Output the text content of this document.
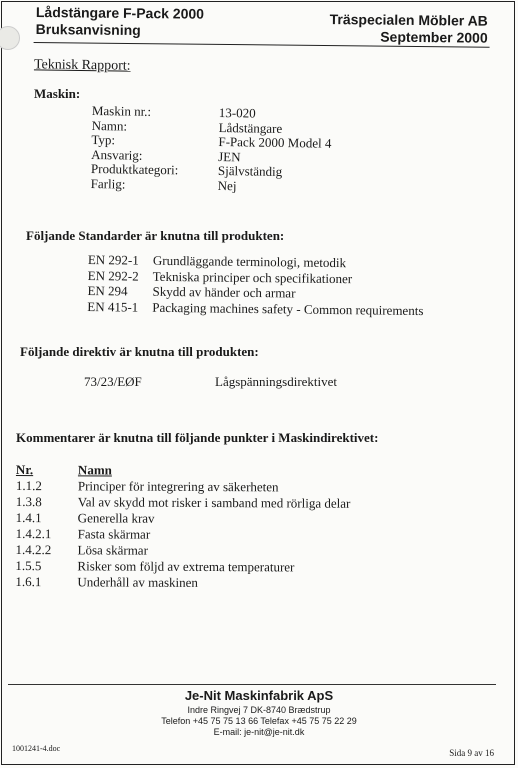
Lådstängare F-Pack 2000
Bruksanvisning
Träspecialen Möbler AB
September 2000
Teknisk Rapport:
Maskin:
Maskin nr.:	13-020
Namn:	Lådstängare
Typ:	F-Pack 2000 Model 4
Ansvarig:	JEN
Produktkategori:	Självständig
Farlig:	Nej
Följande Standarder är knutna till produkten:
EN 292-1	Grundläggande terminologi, metodik
EN 292-2	Tekniska principer och specifikationer
EN 294	Skydd av händer och armar
EN 415-1	Packaging machines safety - Common requirements
Följande direktiv är knutna till produkten:
73/23/EØF	Lågspänningsdirektivet
Kommentarer är knutna till följande punkter i Maskindirektivet:
Nr.	Namn
1.1.2	Principer för integrering av säkerheten
1.3.8	Val av skydd mot risker i samband med rörliga delar
1.4.1	Generella krav
1.4.2.1	Fasta skärmar
1.4.2.2	Lösa skärmar
1.5.5	Risker som följd av extrema temperaturer
1.6.1	Underhåll av maskinen
Je-Nit Maskinfabrik ApS
Indre Ringvej 7 DK-8740 Brædstrup
Telefon +45 75 75 13 66 Telefax +45 75 75 22 29
E-mail: je-nit@je-nit.dk
1001241-4.doc	Sida 9 av 16
